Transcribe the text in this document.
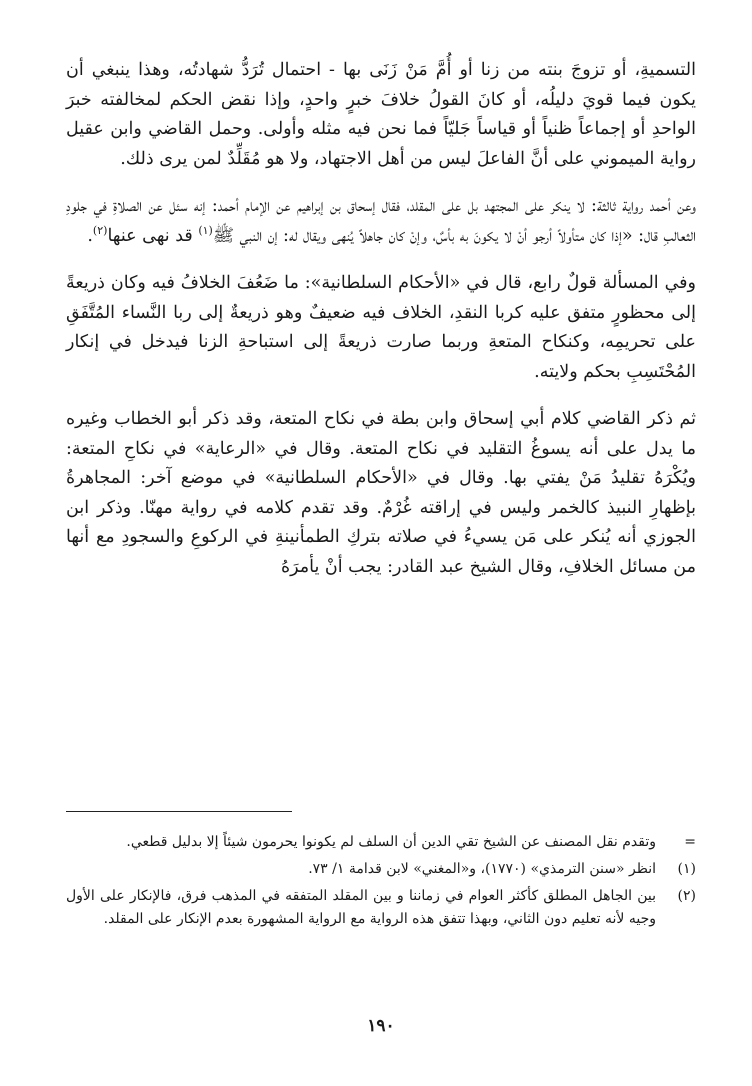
التسميةِ، أو تزوجَ بنته من زنا أو أُمَّ مَنْ زَنَى بها - احتمال تُرَدُّ شهادتُه، وهذا ينبغي أن يكون فيما قويَ دليلُه، أو كانَ القولُ خلافَ خبرٍ واحدٍ، وإذا نقض الحكم لمخالفته خبرَ الواحدِ أو إجماعاً ظنياً أو قياساً جَليّاً فما نحن فيه مثله وأولى. وحمل القاضي وابن عقيل رواية الميموني على أنَّ الفاعلَ ليس من أهل الاجتهاد، ولا هو مُقَلِّدٌ لمن يرى ذلك.

وعن أحمد رواية ثالثة: لا ينكر على المجتهد بل على المقلد، فقال إسحاق بن إبراهيم عن الإمام أحمد: إنه سئل عن الصلاةِ في جلودِ الثعالبِ قال: «إذا كان متأولاً أرجو أنْ لا يكونَ به بأسٌ، وإنْ كان جاهلاً يُنهى ويقال له: إن النبي ﷺ$^{(١)}$ قد نهى عنها$^{(٢)}$.

وفي المسألة قولٌ رابع، قال في «الأحكام السلطانية»: ما ضَعُفَ الخلافُ فيه وكان ذريعةً إلى محظورٍ متفق عليه كربا النقدِ، الخلاف فيه ضعيفٌ وهو ذريعةٌ إلى ربا النَّساء المُتَّفَقِ على تحريمِه، وكنكاح المتعةِ وربما صارت ذريعةً إلى استباحةِ الزنا فيدخل في إنكار المُحْتَسِبِ بحكم ولايته.

ثم ذكر القاضي كلام أبي إسحاق وابن بطة في نكاح المتعة، وقد ذكر أبو الخطاب وغيره ما يدل على أنه يسوغُ التقليد في نكاح المتعة. وقال في «الرعاية» في نكاحِ المتعة: ويُكْرَهُ تقليدُ مَنْ يفتي بها. وقال في «الأحكام السلطانية» في موضع آخر: المجاهرةُ بإظهارِ النبيذ كالخمر وليس في إراقته غُرْمٌ. وقد تقدم كلامه في رواية مهنّا. وذكر ابن الجوزي أنه يُنكر على مَن يسيءُ في صلاته بتركِ الطمأنينةِ في الركوعِ والسجودِ مع أنها من مسائل الخلافِ، وقال الشيخ عبد القادر: يجب أنْ يأمرَهُ

=
وتقدم نقل المصنف عن الشيخ تقي الدين أن السلف لم يكونوا يحرمون شيئاً إلا بدليل قطعي.
(١)
انظر «سنن الترمذي» (١٧٧٠)، و«المغني» لابن قدامة ١/ ٧٣.
(٢)
بين الجاهل المطلق كأكثر العوام في زماننا و بين المقلد المتفقه في المذهب فرق، فالإنكار على الأول وجيه لأنه تعليم دون الثاني، وبهذا تتفق هذه الرواية مع الرواية المشهورة بعدم الإنكار على المقلد.
١٩٠
